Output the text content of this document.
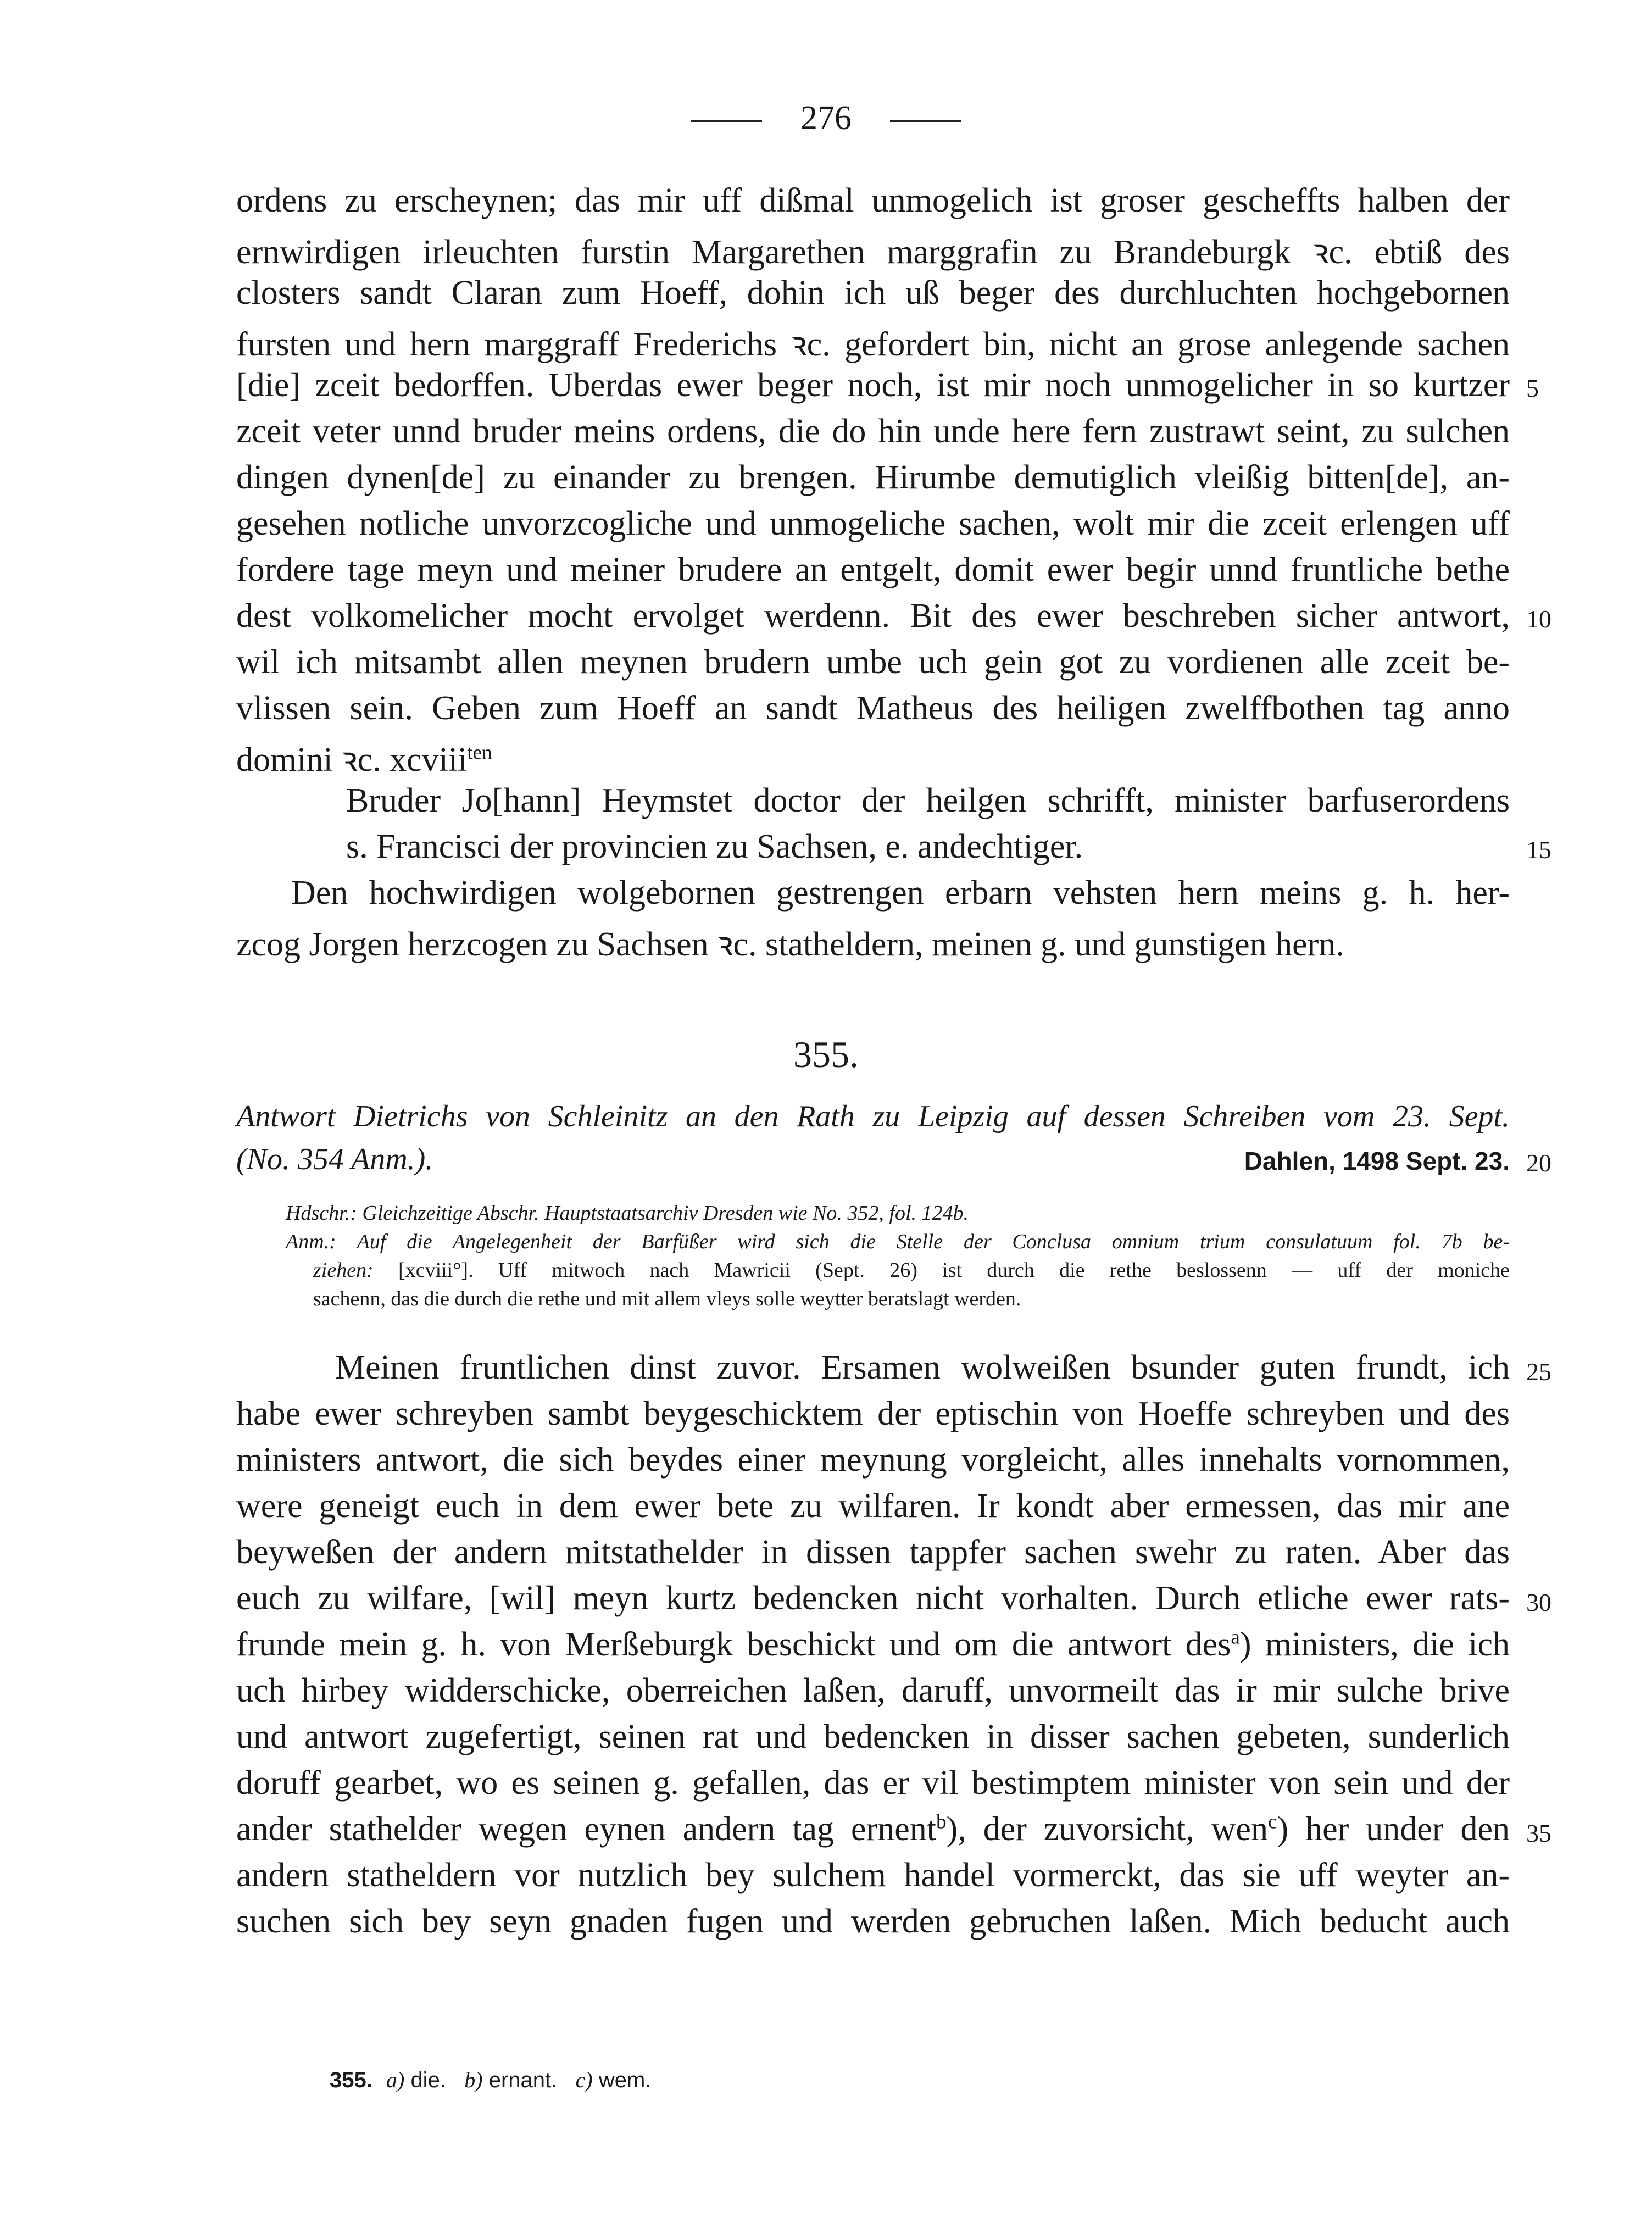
276
ordens zu erscheynen; das mir uff dißmal unmogelich ist groser gescheffts halben der
ernwirdigen irleuchten furstin Margarethen marggrafin zu Brandeburgk ꝛc. ebtiß des
closters sandt Claran zum Hoeff, dohin ich uß beger des durchluchten hochgebornen
fursten und hern marggraff Frederichs ꝛc. gefordert bin, nicht an grose anlegende sachen
[die] zceit bedorffen. Uberdas ewer beger noch, ist mir noch unmogelicher in so kurtzer
zceit veter unnd bruder meins ordens, die do hin unde here fern zustrawt seint, zu sulchen
dingen dynen[de] zu einander zu brengen. Hirumbe demutiglich vleißig bitten[de], an-
gesehen notliche unvorzcogliche und unmogeliche sachen, wolt mir die zceit erlengen uff
fordere tage meyn und meiner brudere an entgelt, domit ewer begir unnd fruntliche bethe
dest volkomelicher mocht ervolget werdenn. Bit des ewer beschreben sicher antwort,
wil ich mitsambt allen meynen brudern umbe uch gein got zu vordienen alle zceit be-
vlissen sein. Geben zum Hoeff an sandt Matheus des heiligen zwelffbothen tag anno
domini ꝛc. xcviii$^{ten}$
Bruder Jo[hann] Heymstet doctor der heilgen schrifft, minister barfuserordens
s. Francisci der provincien zu Sachsen, e. andechtiger.
Den hochwirdigen wolgebornen gestrengen erbarn vehsten hern meins g. h. her-
zcog Jorgen herzcogen zu Sachsen ꝛc. statheldern, meinen g. und gunstigen hern.
5
10
15
20
25
30
35
355.
Antwort Dietrichs von Schleinitz an den Rath zu Leipzig auf dessen Schreiben vom 23. Sept.
(No. 354 Anm.).	Dahlen, 1498 Sept. 23.
Hdschr.: Gleichzeitige Abschr. Hauptstaatsarchiv Dresden wie No. 352, fol. 124b.
Anm.: Auf die Angelegenheit der Barfüßer wird sich die Stelle der Conclusa omnium trium consulatuum fol. 7b be-
ziehen: [xcviii°]. Uff mitwoch nach Mawricii (Sept. 26) ist durch die rethe beslossenn — uff der moniche
sachenn, das die durch die rethe und mit allem vleys solle weytter beratslagt werden.
Meinen fruntlichen dinst zuvor. Ersamen wolweißen bsunder guten frundt, ich
habe ewer schreyben sambt beygeschicktem der eptischin von Hoeffe schreyben und des
ministers antwort, die sich beydes einer meynung vorgleicht, alles innehalts vornommen,
were geneigt euch in dem ewer bete zu wilfaren. Ir kondt aber ermessen, das mir ane
beyweßen der andern mitstathelder in dissen tappfer sachen swehr zu raten. Aber das
euch zu wilfare, [wil] meyn kurtz bedencken nicht vorhalten. Durch etliche ewer rats-
frunde mein g. h. von Merßeburgk beschickt und om die antwort des$^a$) ministers, die ich
uch hirbey widderschicke, oberreichen laßen, daruff, unvormeilt das ir mir sulche brive
und antwort zugefertigt, seinen rat und bedencken in disser sachen gebeten, sunderlich
doruff gearbet, wo es seinen g. gefallen, das er vil bestimptem minister von sein und der
ander stathelder wegen eynen andern tag ernent$^b$), der zuvorsicht, wen$^c$) her under den
andern statheldern vor nutzlich bey sulchem handel vormerckt, das sie uff weyter an-
suchen sich bey seyn gnaden fugen und werden gebruchen laßen. Mich beducht auch
355. a) die. b) ernant. c) wem.
